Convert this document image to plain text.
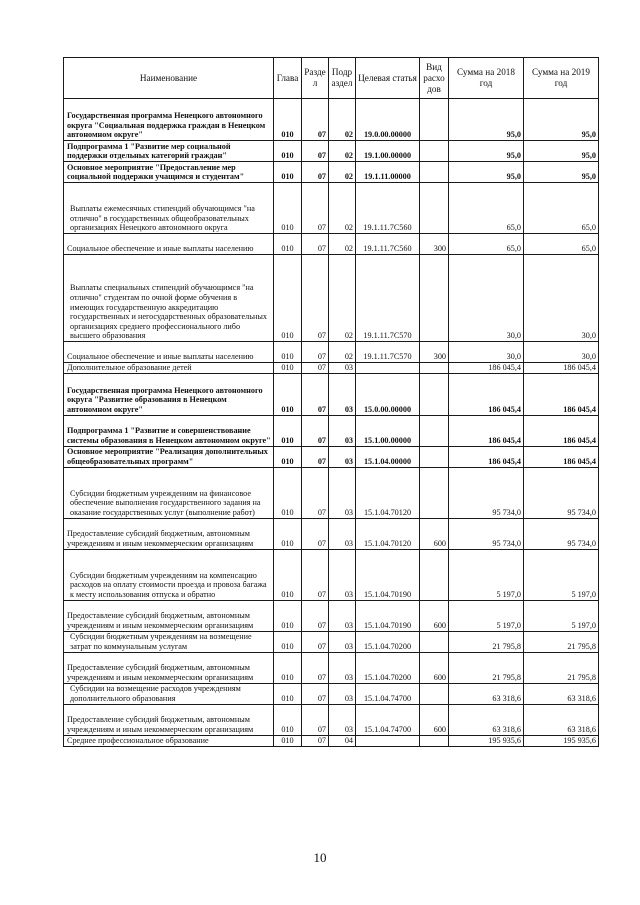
Наименование	Глава	Разде л	Подр аздел	Целевая статья	Вид расхо дов	Сумма на 2018 год	Сумма на 2019 год
Государственная программа Ненецкого автономного округа "Социальная поддержка граждан в Ненецком автономном округе"	010	07	02	19.0.00.00000		95,0	95,0
Подпрограмма 1 "Развитие мер социальной поддержки отдельных категорий граждан"	010	07	02	19.1.00.00000		95,0	95,0
Основное мероприятие "Предоставление мер социальной поддержки учащимся и студентам"	010	07	02	19.1.11.00000		95,0	95,0
Выплаты ежемесячных стипендий обучающимся "на отлично" в государственных общеобразовательных организациях Ненецкого автономного округа	010	07	02	19.1.11.7С560		65,0	65,0
Социальное обеспечение и иные выплаты населению	010	07	02	19.1.11.7С560	300	65,0	65,0
Выплаты специальных стипендий обучающимся "на отлично" студентам по очной форме обучения в имеющих государственную аккредитацию государственных и негосударственных образовательных организациях среднего профессионального либо высшего образования	010	07	02	19.1.11.7С570		30,0	30,0
Социальное обеспечение и иные выплаты населению	010	07	02	19.1.11.7С570	300	30,0	30,0
Дополнительное образование детей	010	07	03			186 045,4	186 045,4
Государственная программа Ненецкого автономного округа "Развитие образования в Ненецком автономном округе"	010	07	03	15.0.00.00000		186 045,4	186 045,4
Подпрограмма 1 "Развитие и совершенствование системы образования в Ненецком автономном округе"	010	07	03	15.1.00.00000		186 045,4	186 045,4
Основное мероприятие "Реализация дополнительных общеобразовательных программ"	010	07	03	15.1.04.00000		186 045,4	186 045,4
Субсидии бюджетным учреждениям на финансовое обеспечение выполнения государственного задания на оказание государственных услуг (выполнение работ)	010	07	03	15.1.04.70120		95 734,0	95 734,0
Предоставление субсидий бюджетным, автономным учреждениям и иным некоммерческим организациям	010	07	03	15.1.04.70120	600	95 734,0	95 734,0
Субсидии бюджетным учреждениям на компенсацию расходов на оплату стоимости проезда и провоза багажа к месту использования отпуска и обратно	010	07	03	15.1.04.70190		5 197,0	5 197,0
Предоставление субсидий бюджетным, автономным учреждениям и иным некоммерческим организациям	010	07	03	15.1.04.70190	600	5 197,0	5 197,0
Субсидии бюджетным учреждениям на возмещение затрат по коммунальным услугам	010	07	03	15.1.04.70200		21 795,8	21 795,8
Предоставление субсидий бюджетным, автономным учреждениям и иным некоммерческим организациям	010	07	03	15.1.04.70200	600	21 795,8	21 795,8
Субсидии на возмещение расходов учреждениям дополнительного образования	010	07	03	15.1.04.74700		63 318,6	63 318,6
Предоставление субсидий бюджетным, автономным учреждениям и иным некоммерческим организациям	010	07	03	15.1.04.74700	600	63 318,6	63 318,6
Среднее профессиональное образование	010	07	04			195 935,6	195 935,6
10
